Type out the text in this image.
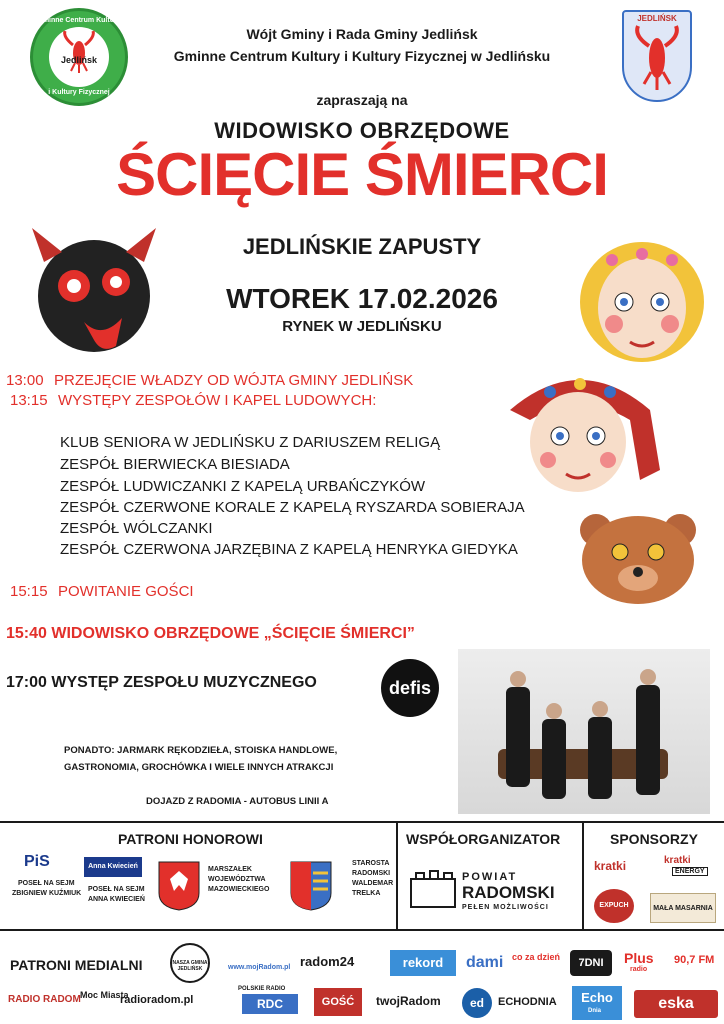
Gminne Centrum Kultury
Jedlińsk
i Kultury Fizycznej
JEDLIŃSK
Wójt Gminy i Rada Gminy Jedlińsk
Gminne Centrum Kultury i Kultury Fizycznej w Jedlińsku
zapraszają na
WIDOWISKO OBRZĘDOWE
ŚCIĘCIE ŚMIERCI
JEDLIŃSKIE ZAPUSTY
WTOREK 17.02.2026
RYNEK W JEDLIŃSKU
13:00 PRZEJĘCIE WŁADZY OD WÓJTA GMINY JEDLIŃSK
13:15 WYSTĘPY ZESPOŁÓW I KAPEL LUDOWYCH:
KLUB SENIORA W JEDLIŃSKU Z DARIUSZEM RELIGĄ
ZESPÓŁ BIERWIECKA BIESIADA
ZESPÓŁ LUDWICZANKI Z KAPELĄ URBAŃCZYKÓW
ZESPÓŁ CZERWONE KORALE Z KAPELĄ RYSZARDA SOBIERAJA
ZESPÓŁ WÓLCZANKI
ZESPÓŁ CZERWONA JARZĘBINA Z KAPELĄ HENRYKA GIEDYKA
15:15 POWITANIE GOŚCI
15:40 WIDOWISKO OBRZĘDOWE „ŚCIĘCIE ŚMIERCI”
17:00 WYSTĘP ZESPOŁU MUZYCZNEGO	defis
PONADTO: JARMARK RĘKODZIEŁA, STOISKA HANDLOWE,
GASTRONOMIA, GROCHÓWKA I WIELE INNYCH ATRAKCJI
DOJAZD Z RADOMIA - AUTOBUS LINII A
PATRONI HONOROWI	WSPÓŁORGANIZATOR	SPONSORZY
PiS
POSEŁ NA SEJM
ZBIGNIEW KUŹMIUK
Anna Kwiecień
POSEŁ NA SEJM
ANNA KWIECIEŃ
MARSZAŁEK
WOJEWÓDZTWA
MAZOWIECKIEGO
STAROSTA
RADOMSKI
WALDEMAR
TRELKA
POWIAT
RADOMSKI
PEŁEN MOŻLIWOŚCI
kratki	kratki
ENERGY
EXPUCH	MAŁA MASARNIA
PATRONI MEDIALNI	NASZA GMINA JEDLIŃSK	www.mojRadom.pl radom24	rekord	dami co za dzień	7DNI	Plus
radio
90,7 FM
RADIO RADOM Moc Miasta
radioradom.pl
POLSKIE RADIO
RDC	GOŚĆ	twojRadom	ed	ECHODNIA	Echo
Dnia	eska
